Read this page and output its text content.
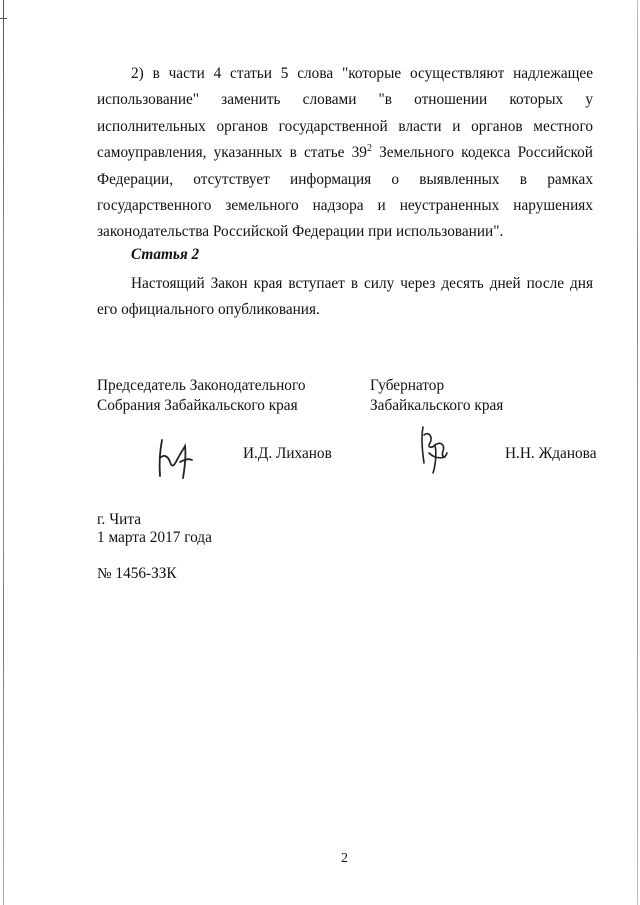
2) в части 4 статьи 5 слова "которые осуществляют надлежащее использование" заменить словами "в отношении которых у исполнительных органов государственной власти и органов местного самоуправления, указанных в статье $39^2$ Земельного кодекса Российской Федерации, отсутствует информация о выявленных в рамках государственного земельного надзора и неустраненных нарушениях законодательства Российской Федерации при использовании".

Статья 2

Настоящий Закон края вступает в силу через десять дней после дня его официального опубликования.

Председатель Законодательного
Собрания Забайкальского края
Губернатор
Забайкальского края
И.Д. Лиханов	Н.Н. Жданова
г. Чита
1 марта 2017 года
№ 1456-ЗЗК
2
